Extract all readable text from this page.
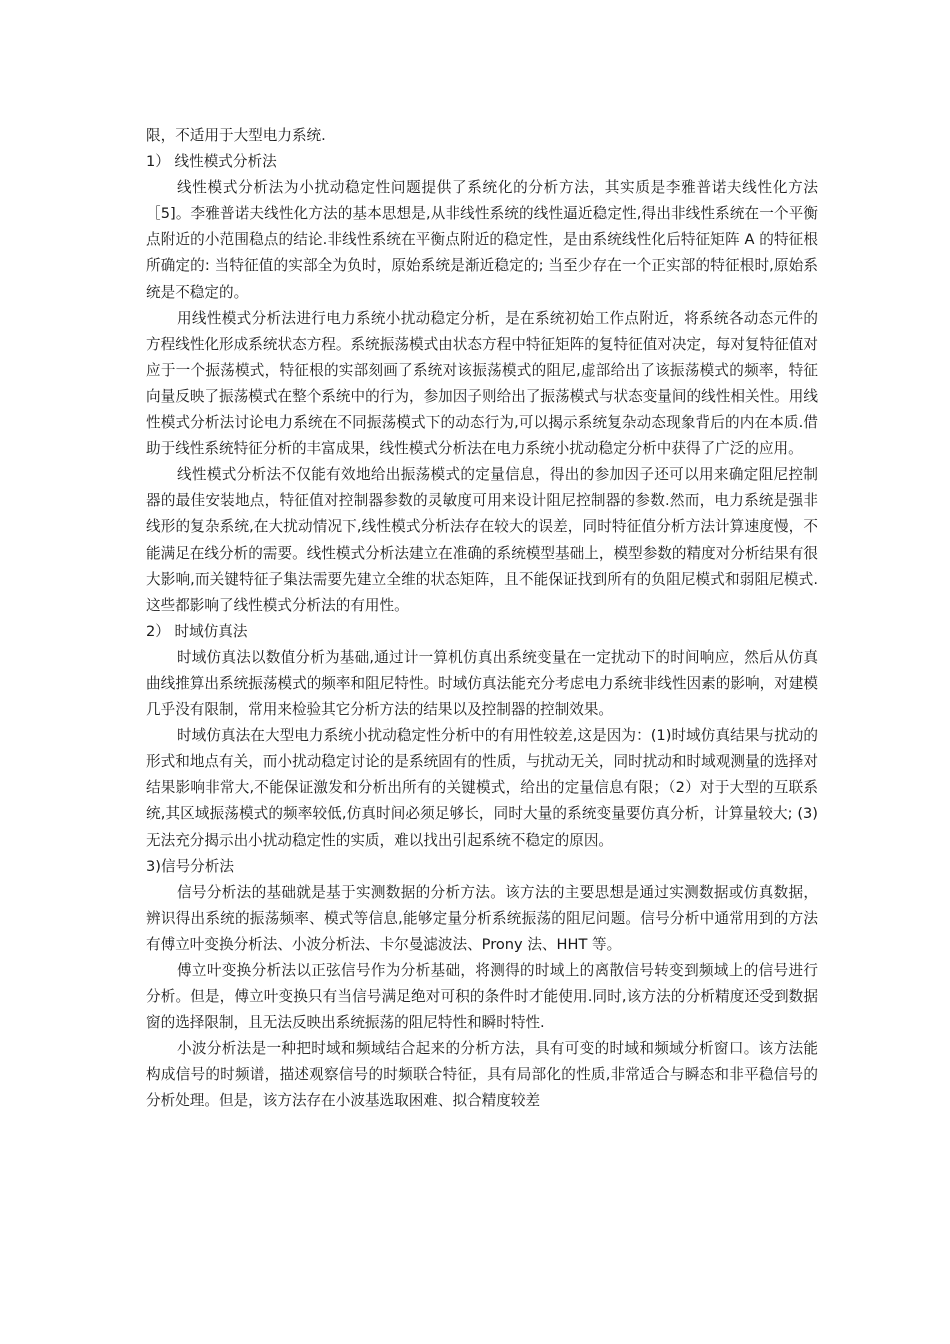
限，不适用于大型电力系统.

1） 线性模式分析法

线性模式分析法为小扰动稳定性问题提供了系统化的分析方法，其实质是李雅普诺夫线性化方法［5]。李雅普诺夫线性化方法的基本思想是,从非线性系统的线性逼近稳定性,得出非线性系统在一个平衡点附近的小范围稳点的结论.非线性系统在平衡点附近的稳定性，是由系统线性化后特征矩阵 A 的特征根所确定的: 当特征值的实部全为负时，原始系统是渐近稳定的; 当至少存在一个正实部的特征根时,原始系统是不稳定的。

用线性模式分析法进行电力系统小扰动稳定分析，是在系统初始工作点附近，将系统各动态元件的方程线性化形成系统状态方程。系统振荡模式由状态方程中特征矩阵的复特征值对决定，每对复特征值对应于一个振荡模式，特征根的实部刻画了系统对该振荡模式的阻尼,虚部给出了该振荡模式的频率，特征向量反映了振荡模式在整个系统中的行为，参加因子则给出了振荡模式与状态变量间的线性相关性。用线性模式分析法讨论电力系统在不同振荡模式下的动态行为,可以揭示系统复杂动态现象背后的内在本质.借助于线性系统特征分析的丰富成果，线性模式分析法在电力系统小扰动稳定分析中获得了广泛的应用。

线性模式分析法不仅能有效地给出振荡模式的定量信息，得出的参加因子还可以用来确定阻尼控制器的最佳安装地点，特征值对控制器参数的灵敏度可用来设计阻尼控制器的参数.然而，电力系统是强非线形的复杂系统,在大扰动情况下,线性模式分析法存在较大的误差，同时特征值分析方法计算速度慢，不能满足在线分析的需要。线性模式分析法建立在准确的系统模型基础上，模型参数的精度对分析结果有很大影响,而关键特征子集法需要先建立全维的状态矩阵，且不能保证找到所有的负阻尼模式和弱阻尼模式.这些都影响了线性模式分析法的有用性。

2） 时域仿真法

时域仿真法以数值分析为基础,通过计一算机仿真出系统变量在一定扰动下的时间响应，然后从仿真曲线推算出系统振荡模式的频率和阻尼特性。时域仿真法能充分考虑电力系统非线性因素的影响，对建模几乎没有限制，常用来检验其它分析方法的结果以及控制器的控制效果。

时域仿真法在大型电力系统小扰动稳定性分析中的有用性较差,这是因为：(1)时域仿真结果与扰动的形式和地点有关，而小扰动稳定讨论的是系统固有的性质，与扰动无关，同时扰动和时域观测量的选择对结果影响非常大,不能保证激发和分析出所有的关键模式，给出的定量信息有限；（2）对于大型的互联系统,其区域振荡模式的频率较低,仿真时间必须足够长，同时大量的系统变量要仿真分析，计算量较大; (3)无法充分揭示出小扰动稳定性的实质，难以找出引起系统不稳定的原因。

3)信号分析法

信号分析法的基础就是基于实测数据的分析方法。该方法的主要思想是通过实测数据或仿真数据，辨识得出系统的振荡频率、模式等信息,能够定量分析系统振荡的阻尼问题。信号分析中通常用到的方法有傅立叶变换分析法、小波分析法、卡尔曼滤波法、Prony 法、HHT 等。

傅立叶变换分析法以正弦信号作为分析基础，将测得的时域上的离散信号转变到频域上的信号进行分析。但是，傅立叶变换只有当信号满足绝对可积的条件时才能使用.同时,该方法的分析精度还受到数据窗的选择限制，且无法反映出系统振荡的阻尼特性和瞬时特性.

小波分析法是一种把时域和频域结合起来的分析方法，具有可变的时域和频域分析窗口。该方法能构成信号的时频谱，描述观察信号的时频联合特征，具有局部化的性质,非常适合与瞬态和非平稳信号的分析处理。但是，该方法存在小波基选取困难、拟合精度较差
